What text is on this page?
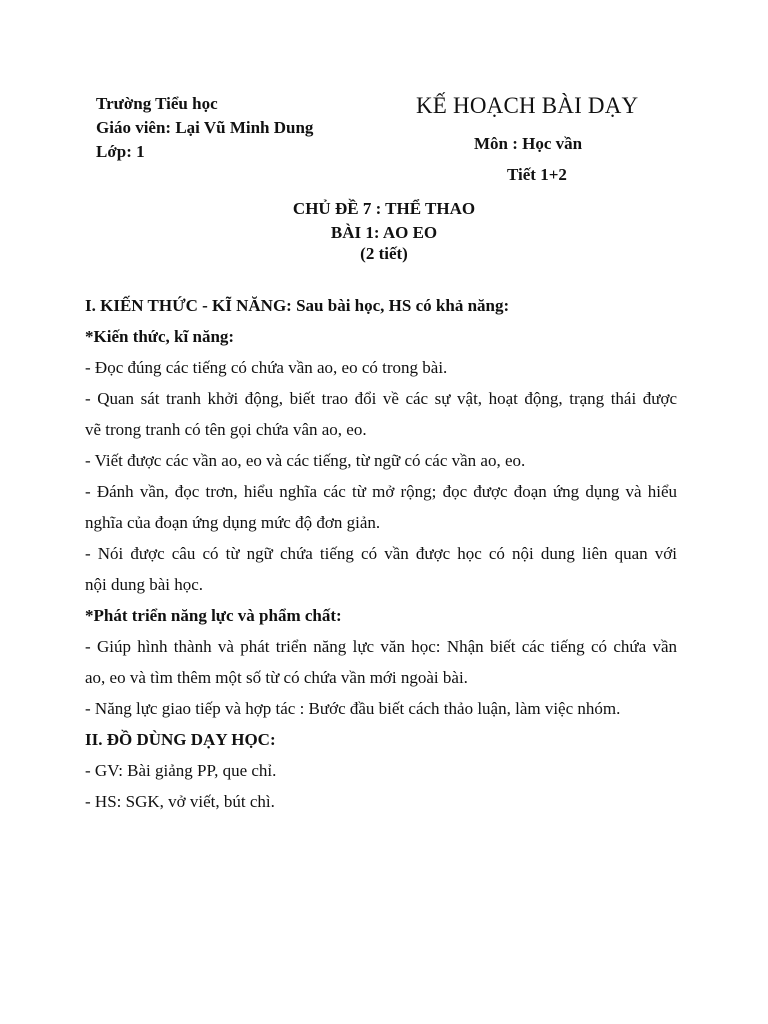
Trường Tiểu học
Giáo viên: Lại Vũ Minh Dung
Lớp: 1
KẾ HOẠCH BÀI DẠY
Môn : Học vần
Tiết 1+2
CHỦ ĐỀ 7 : THỂ THAO
BÀI 1: AO EO
(2 tiết)

I. KIẾN THỨC - KĨ NĂNG: Sau bài học, HS có khả năng:

*Kiến thức, kĩ năng:

- Đọc đúng các tiếng có chứa vần ao, eo có trong bài.

- Quan sát tranh khởi động, biết trao đổi về các sự vật, hoạt động, trạng thái được

vẽ trong tranh có tên gọi chứa vân ao, eo.

- Viết được các vần ao, eo và các tiếng, từ ngữ có các vần ao, eo.

- Đánh vần, đọc trơn, hiểu nghĩa các từ mở rộng; đọc được đoạn ứng dụng và hiểu

nghĩa của đoạn ứng dụng mức độ đơn giản.

- Nói được câu có từ ngữ chứa tiếng có vần được học có nội dung liên quan với

nội dung bài học.

*Phát triển năng lực và phẩm chất:

- Giúp hình thành và phát triển năng lực văn học: Nhận biết các tiếng có chứa vần

ao, eo và tìm thêm một số từ có chứa vần mới ngoài bài.

- Năng lực giao tiếp và hợp tác : Bước đầu biết cách thảo luận, làm việc nhóm.

II. ĐỒ DÙNG DẠY HỌC:

- GV: Bài giảng PP, que chỉ.

- HS: SGK, vở viết, bút chì.
